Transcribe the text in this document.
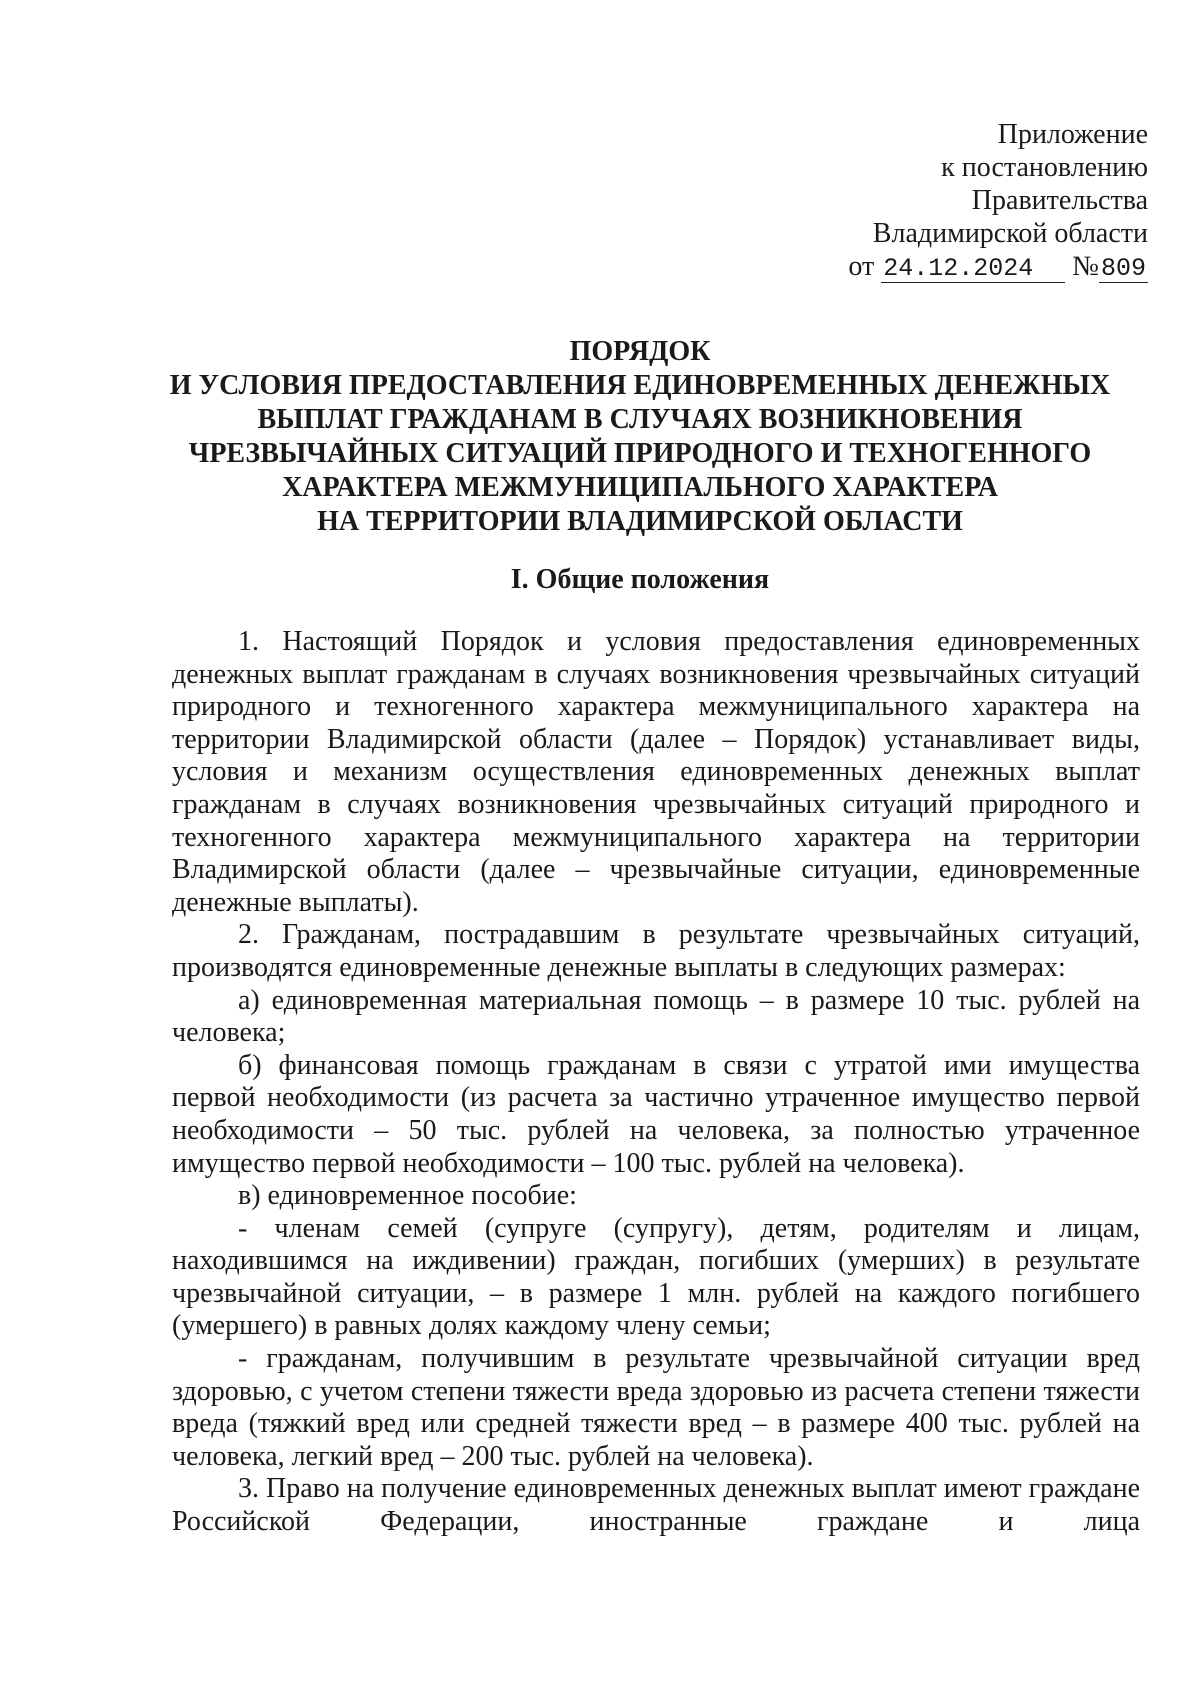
Приложение
к постановлению
Правительства
Владимирской области
от 24.12.2024 №809
ПОРЯДОК
И УСЛОВИЯ ПРЕДОСТАВЛЕНИЯ ЕДИНОВРЕМЕННЫХ ДЕНЕЖНЫХ
ВЫПЛАТ ГРАЖДАНАМ В СЛУЧАЯХ ВОЗНИКНОВЕНИЯ
ЧРЕЗВЫЧАЙНЫХ СИТУАЦИЙ ПРИРОДНОГО И ТЕХНОГЕННОГО
ХАРАКТЕРА МЕЖМУНИЦИПАЛЬНОГО ХАРАКТЕРА
НА ТЕРРИТОРИИ ВЛАДИМИРСКОЙ ОБЛАСТИ
I. Общие положения

1. Настоящий Порядок и условия предоставления единовременных денежных выплат гражданам в случаях возникновения чрезвычайных ситуаций природного и техногенного характера межмуниципального характера на территории Владимирской области (далее – Порядок) устанавливает виды, условия и механизм осуществления единовременных денежных выплат гражданам в случаях возникновения чрезвычайных ситуаций природного и техногенного характера межмуниципального характера на территории Владимирской области (далее – чрезвычайные ситуации, единовременные денежные выплаты).

2. Гражданам, пострадавшим в результате чрезвычайных ситуаций, производятся единовременные денежные выплаты в следующих размерах:

а) единовременная материальная помощь – в размере 10 тыс. рублей на человека;

б) финансовая помощь гражданам в связи с утратой ими имущества первой необходимости (из расчета за частично утраченное имущество первой необходимости – 50 тыс. рублей на человека, за полностью утраченное имущество первой необходимости – 100 тыс. рублей на человека).

в) единовременное пособие:

- членам семей (супруге (супругу), детям, родителям и лицам, находившимся на иждивении) граждан, погибших (умерших) в результате чрезвычайной ситуации, – в размере 1 млн. рублей на каждого погибшего (умершего) в равных долях каждому члену семьи;

- гражданам, получившим в результате чрезвычайной ситуации вред здоровью, с учетом степени тяжести вреда здоровью из расчета степени тяжести вреда (тяжкий вред или средней тяжести вред – в размере 400 тыс. рублей на человека, легкий вред – 200 тыс. рублей на человека).

3. Право на получение единовременных денежных выплат имеют граждане Российской Федерации, иностранные граждане и лица
